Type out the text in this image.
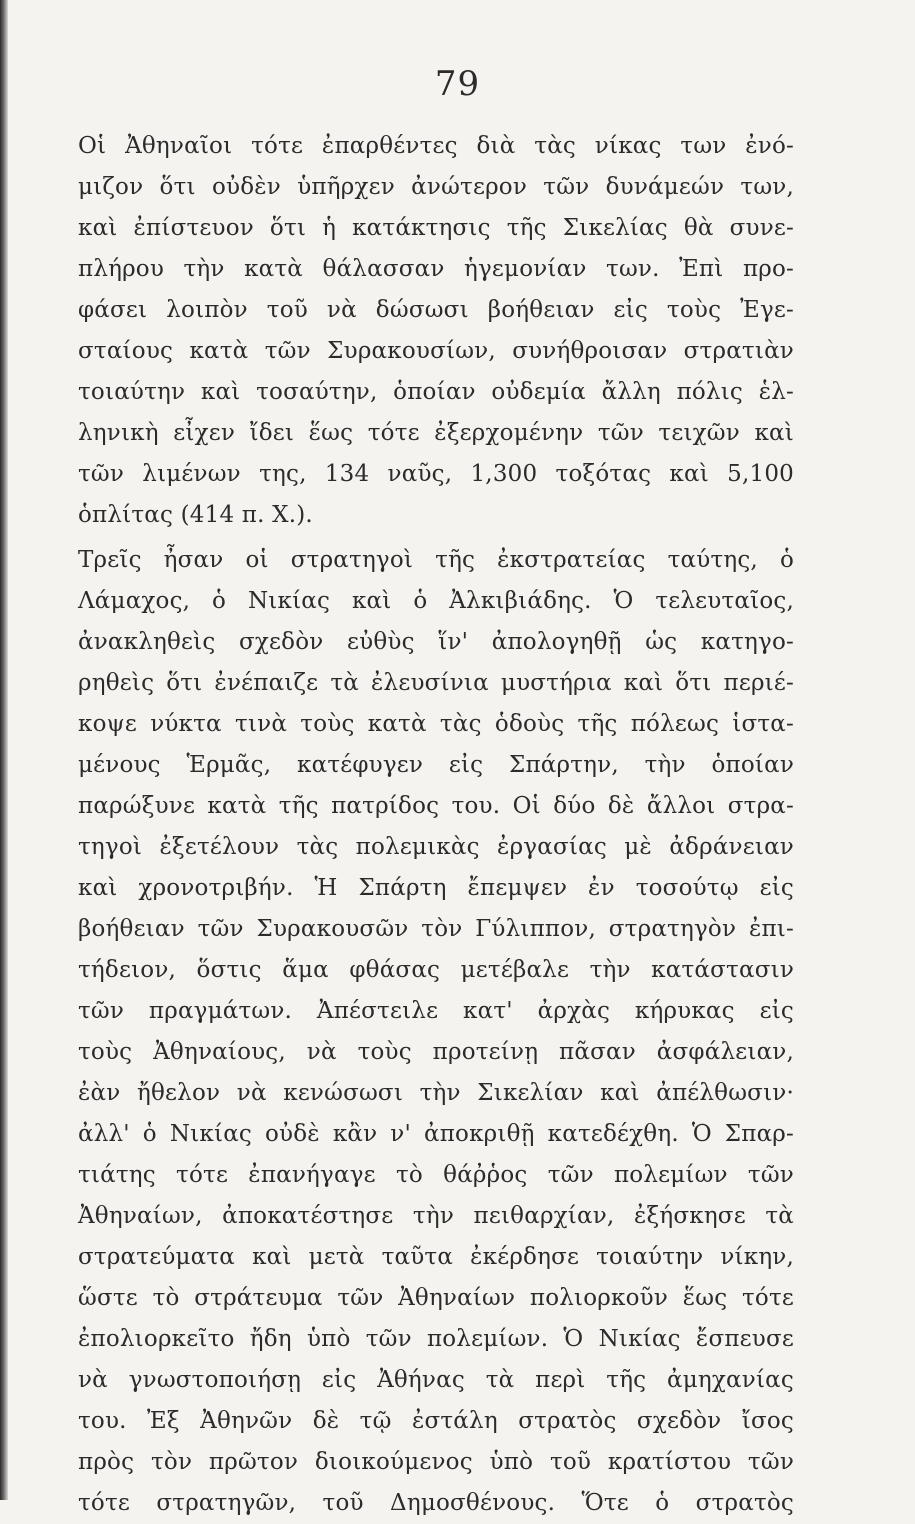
79
Οἱ Ἀθηναῖοι τότε ἐπαρθέντες διὰ τὰς νίκας των ἐνό-
μιζον ὅτι οὐδὲν ὑπῆρχεν ἀνώτερον τῶν δυνάμεών των,
καὶ ἐπίστευον ὅτι ἡ κατάκτησις τῆς Σικελίας θὰ συνε-
πλήρου τὴν κατὰ θάλασσαν ἡγεμονίαν των. Ἐπὶ προ-
φάσει λοιπὸν τοῦ νὰ δώσωσι βοήθειαν εἰς τοὺς Ἐγε-
σταίους κατὰ τῶν Συρακουσίων, συνήθροισαν στρατιὰν
τοιαύτην καὶ τοσαύτην, ὁποίαν οὐδεμία ἄλλη πόλις ἑλ-
ληνικὴ εἶχεν ἴδει ἕως τότε ἐξερχομένην τῶν τειχῶν καὶ
τῶν λιμένων της, 134 ναῦς, 1,300 τοξότας καὶ 5,100
ὁπλίτας (414 π. Χ.).
Τρεῖς ἦσαν οἱ στρατηγοὶ τῆς ἐκστρατείας ταύτης, ὁ
Λάμαχος, ὁ Νικίας καὶ ὁ Ἀλκιβιάδης. Ὁ τελευταῖος,
ἀνακληθεὶς σχεδὸν εὐθὺς ἵν' ἀπολογηθῇ ὡς κατηγο-
ρηθεὶς ὅτι ἐνέπαιζε τὰ ἐλευσίνια μυστήρια καὶ ὅτι περιέ-
κοψε νύκτα τινὰ τοὺς κατὰ τὰς ὁδοὺς τῆς πόλεως ἱστα-
μένους Ἑρμᾶς, κατέφυγεν εἰς Σπάρτην, τὴν ὁποίαν
παρώξυνε κατὰ τῆς πατρίδος του. Οἱ δύο δὲ ἄλλοι στρα-
τηγοὶ ἐξετέλουν τὰς πολεμικὰς ἐργασίας μὲ ἀδράνειαν
καὶ χρονοτριβήν. Ἡ Σπάρτη ἔπεμψεν ἐν τοσούτῳ εἰς
βοήθειαν τῶν Συρακουσῶν τὸν Γύλιππον, στρατηγὸν ἐπι-
τήδειον, ὅστις ἅμα φθάσας μετέβαλε τὴν κατάστασιν
τῶν πραγμάτων. Ἀπέστειλε κατ' ἀρχὰς κήρυκας εἰς
τοὺς Ἀθηναίους, νὰ τοὺς προτείνῃ πᾶσαν ἀσφάλειαν,
ἐὰν ἤθελον νὰ κενώσωσι τὴν Σικελίαν καὶ ἀπέλθωσιν·
ἀλλ' ὁ Νικίας οὐδὲ κἂν ν' ἀποκριθῇ κατεδέχθη. Ὁ Σπαρ-
τιάτης τότε ἐπανήγαγε τὸ θάῤῥος τῶν πολεμίων τῶν
Ἀθηναίων, ἀποκατέστησε τὴν πειθαρχίαν, ἐξήσκησε τὰ
στρατεύματα καὶ μετὰ ταῦτα ἐκέρδησε τοιαύτην νίκην,
ὥστε τὸ στράτευμα τῶν Ἀθηναίων πολιορκοῦν ἕως τότε
ἐπολιορκεῖτο ἤδη ὑπὸ τῶν πολεμίων. Ὁ Νικίας ἔσπευσε
νὰ γνωστοποιήσῃ εἰς Ἀθήνας τὰ περὶ τῆς ἀμηχανίας
του. Ἐξ Ἀθηνῶν δὲ τῷ ἐστάλη στρατὸς σχεδὸν ἴσος
πρὸς τὸν πρῶτον διοικούμενος ὑπὸ τοῦ κρατίστου τῶν
τότε στρατηγῶν, τοῦ Δημοσθένους. Ὅτε ὁ στρατὸς
